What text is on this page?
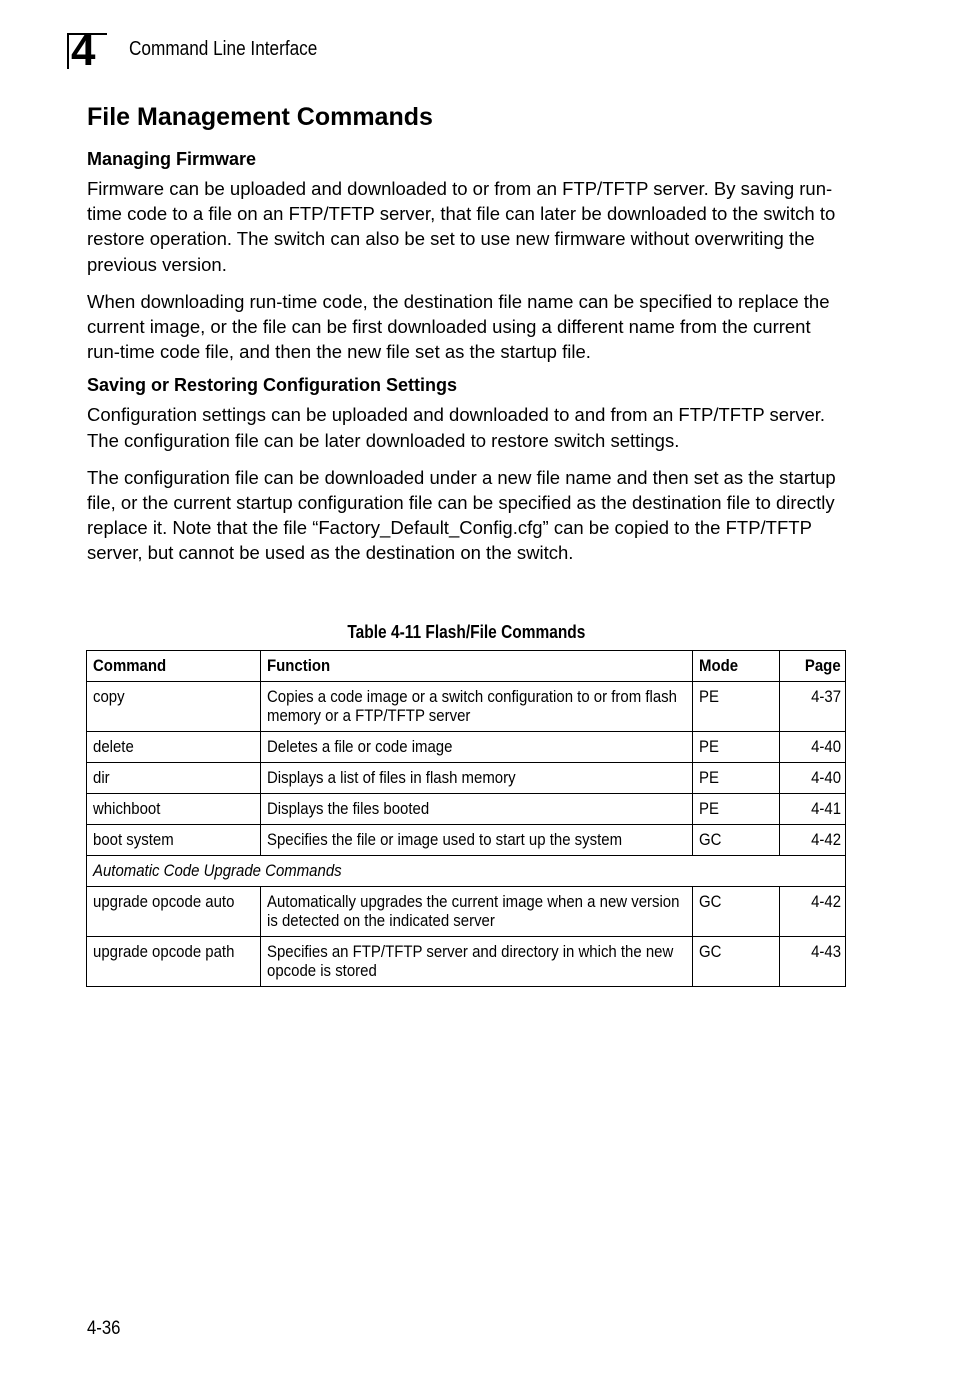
4 Command Line Interface
File Management Commands
Managing Firmware

Firmware can be uploaded and downloaded to or from an FTP/TFTP server. By saving run-time code to a file on an FTP/TFTP server, that file can later be downloaded to the switch to restore operation. The switch can also be set to use new firmware without overwriting the previous version.

When downloading run-time code, the destination file name can be specified to replace the current image, or the file can be first downloaded using a different name from the current run-time code file, and then the new file set as the startup file.

Saving or Restoring Configuration Settings

Configuration settings can be uploaded and downloaded to and from an FTP/TFTP server. The configuration file can be later downloaded to restore switch settings.

The configuration file can be downloaded under a new file name and then set as the startup file, or the current startup configuration file can be specified as the destination file to directly replace it. Note that the file “Factory_Default_Config.cfg” can be copied to the FTP/TFTP server, but cannot be used as the destination on the switch.

Table 4-11 Flash/File Commands
Command	Function	Mode	Page
copy	Copies a code image or a switch configuration to or from flash memory or a FTP/TFTP server	PE	4-37
delete	Deletes a file or code image	PE	4-40
dir	Displays a list of files in flash memory	PE	4-40
whichboot	Displays the files booted	PE	4-41
boot system	Specifies the file or image used to start up the system	GC	4-42
Automatic Code Upgrade Commands			
upgrade opcode auto	Automatically upgrades the current image when a new version is detected on the indicated server	GC	4-42
upgrade opcode path	Specifies an FTP/TFTP server and directory in which the new opcode is stored	GC	4-43
4-36
